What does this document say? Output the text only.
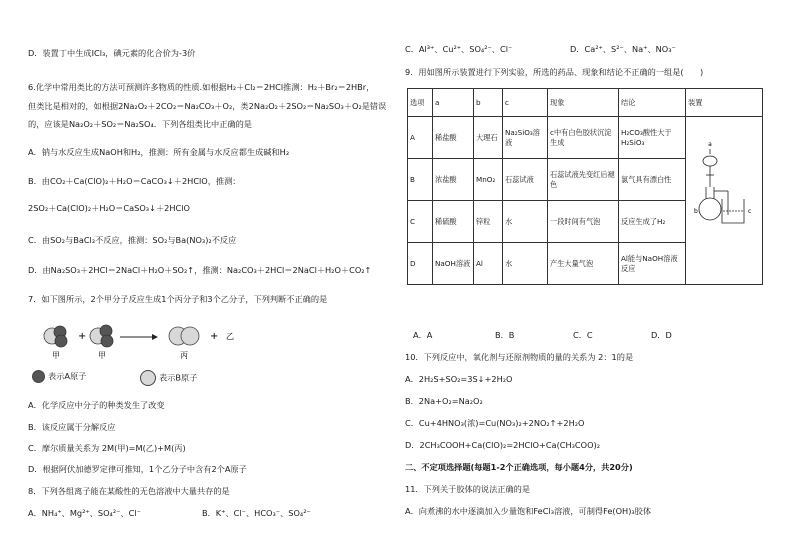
D．装置丁中生成ICl₃，碘元素的化合价为-3价
6.化学中常用类比的方法可预测许多物质的性质.如根据H₂＋Cl₂＝2HCl推测：H₂＋Br₂＝2HBr，
但类比是相对的，如根据2Na₂O₂＋2CO₂＝Na₂CO₃＋O₂，类2Na₂O₂＋2SO₂＝Na₂SO₃＋O₂是错误
的，应该是Na₂O₂＋SO₂＝Na₂SO₄．下列各组类比中正确的是
A．钠与水反应生成NaOH和H₂，推测：所有金属与水反应都生成碱和H₂
B．由CO₂＋Ca(ClO)₂＋H₂O＝CaCO₃↓＋2HClO，推测：
2SO₂＋Ca(ClO)₂＋H₂O＝CaSO₃↓＋2HClO
C．由SO₂与BaCl₂不反应，推测：SO₂与Ba(NO₃)₂不反应
D．由Na₂SO₃＋2HCl＝2NaCl＋H₂O＋SO₂↑，推测：Na₂CO₃＋2HCl＝2NaCl＋H₂O＋CO₂↑
7．如下图所示，2个甲分子反应生成1个丙分子和3个乙分子，下列判断不正确的是
+	+
甲	甲	丙
乙
表示A原子	表示B原子
A．化学反应中分子的种类发生了改变
B．该反应属于分解反应
C．摩尔质量关系为 2M(甲)=M(乙)+M(丙)
D．根据阿伏加德罗定律可推知，1个乙分子中含有2个A原子
8．下列各组离子能在某酸性的无色溶液中大量共存的是
A．NH₄⁺、Mg²⁺、SO₄²⁻、Cl⁻	B．K⁺、Cl⁻、HCO₃⁻、SO₄²⁻
C．Al³⁺、Cu²⁺、SO₄²⁻、Cl⁻	D．Ca²⁺、S²⁻、Na⁺、NO₃⁻
9．用如图所示装置进行下列实验，所选的药品、现象和结论不正确的一组是(　　)
选项	a	b	c	现象	结论	装置
A	稀盐酸	大理石	Na₂SiO₃溶液	c中有白色胶状沉淀生成	H₂CO₃酸性大于H₂SiO₃	a
b c

B	浓盐酸	MnO₂	石蕊试液	石蕊试液先变红后褪色	氯气具有漂白性	
C	稀硫酸	锌粒	水	一段时间有气泡	反应生成了H₂	
D	NaOH溶液	Al	水	产生大量气泡	Al能与NaOH溶液反应	
A．A	B．B	C．C	D．D
10．下列反应中，氧化剂与还原剂物质的量的关系为 2：1的是
A．2H₂S+SO₂=3S↓+2H₂O
B．2Na+O₂=Na₂O₂
C．Cu+4HNO₃(浓)=Cu(NO₃)₂+2NO₂↑+2H₂O
D．2CH₃COOH+Ca(ClO)₂=2HClO+Ca(CH₃COO)₂
二、不定项选择题(每题1-2个正确选项，每小题4分，共20分)
11．下列关于胶体的说法正确的是
A．向煮沸的水中逐滴加入少量饱和FeCl₃溶液，可制得Fe(OH)₃胶体
